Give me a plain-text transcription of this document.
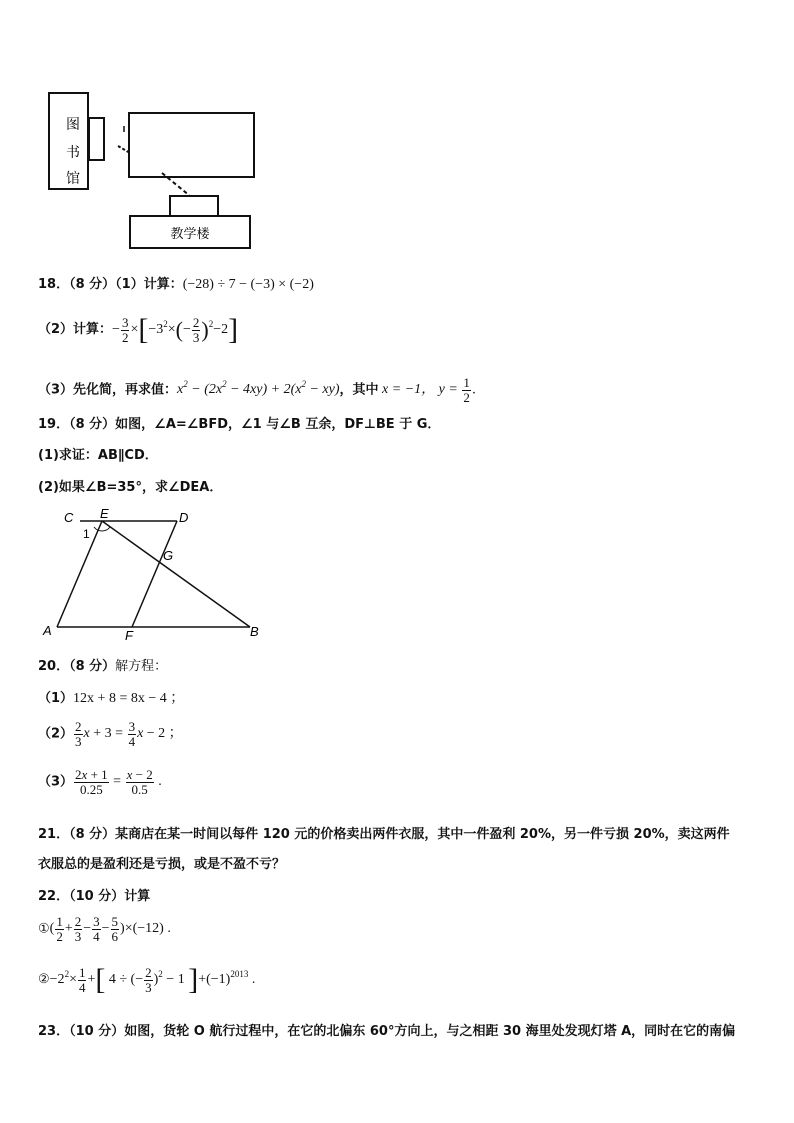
图
书
馆
教学楼
18．（8 分）（1）计算：(−28) ÷ 7 − (−3) × (−2)
（2）计算：− $\frac{3}{2} \times[-3^2\times(- \frac{2}{3} )^2-2]$
（3）先化简，再求值：$x^2 - (2x^2 - 4xy) + 2(x^2 - xy)$，其中 x = −1， $y = \frac{1}{2}$ .
19．（8 分）如图，∠A=∠BFD，∠1 与∠B 互余，DF⊥BE 于 G．
(1)求证：AB∥CD．
(2)如果∠B=35°，求∠DEA．
C E	D
1
G
A	F	B
20．（8 分）解方程：
（1）12x + 8 = 8x − 4 ；
$(2) \frac{2}{3}$ $x + 3 = \frac{3}{4}$ x − 2 ；
$(3) \frac{2x + 1}{0.25} = \frac{x - 2}{0.5}$ .
21．（8 分）某商店在某一时间以每件 120 元的价格卖出两件衣服，其中一件盈利 20%，另一件亏损 20%，卖这两件
衣服总的是盈利还是亏损，或是不盈不亏？
22．（10 分）计算
①( $\frac{1}{2} + \frac{2}{3} - \frac{3}{4} - \frac{5}{6} )\times(-12)$ .
$②-2^2\times \frac{1}{4}$ +[ 4 ÷ (− $\frac{2}{3} )^2 - 1$ ]$+(-1)^{2013}$ .
23．（10 分）如图，货轮 O 航行过程中，在它的北偏东 60°方向上，与之相距 30 海里处发现灯塔 A，同时在它的南偏
